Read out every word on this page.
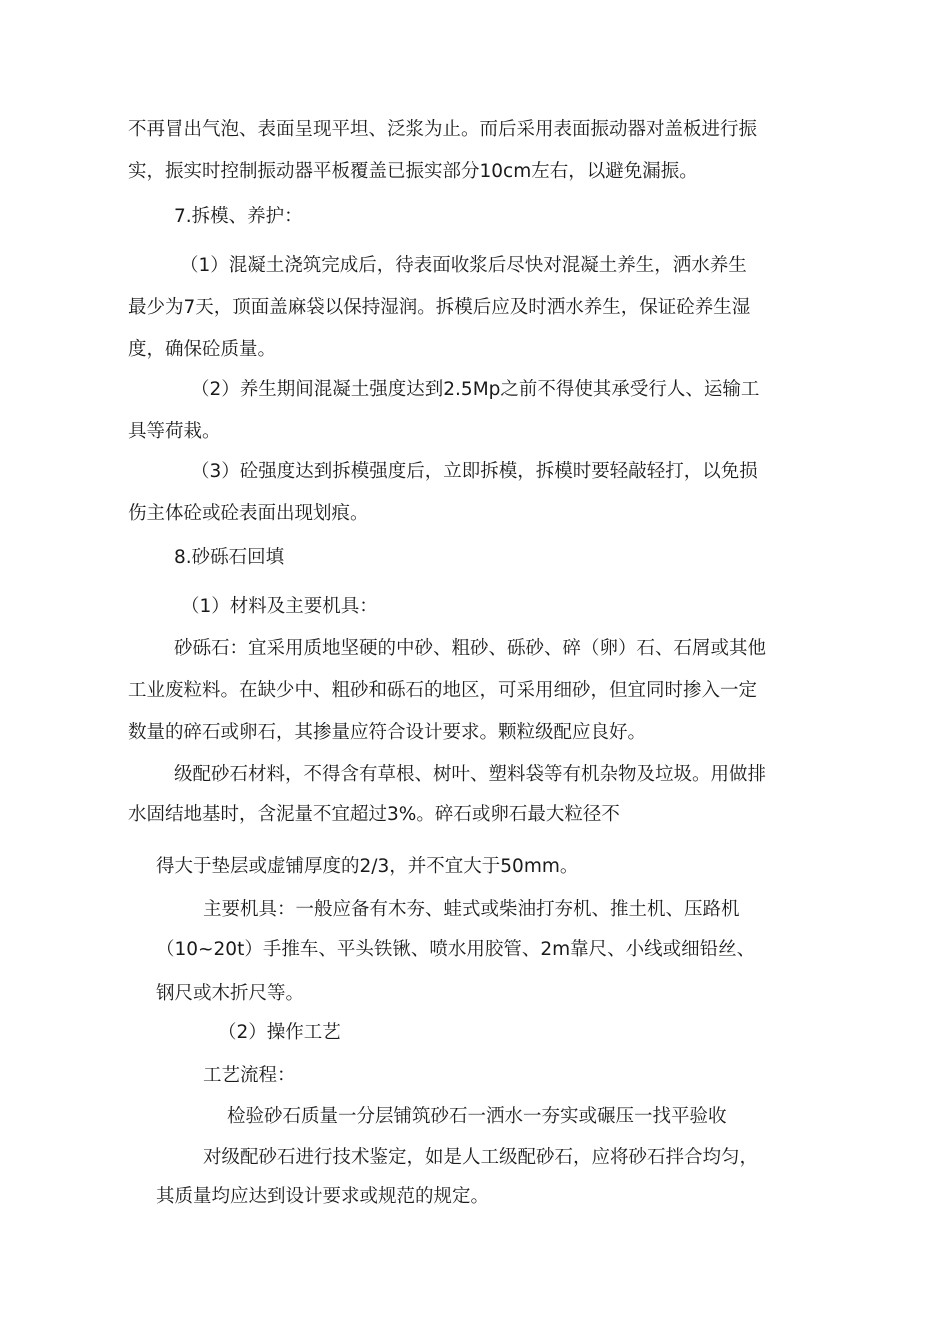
不再冒出气泡、表面呈现平坦、泛浆为止。而后采用表面振动器对盖板进行振
实，振实时控制振动器平板覆盖已振实部分10cm左右，以避免漏振。
7.拆模、养护：
（1）混凝土浇筑完成后，待表面收浆后尽快对混凝土养生，洒水养生
最少为7天，顶面盖麻袋以保持湿润。拆模后应及时洒水养生，保证砼养生湿
度，确保砼质量。
（2）养生期间混凝土强度达到2.5Mp之前不得使其承受行人、运输工
具等荷栽。
（3）砼强度达到拆模强度后，立即拆模，拆模时要轻敲轻打，以免损
伤主体砼或砼表面出现划痕。
8.砂砾石回填
（1）材料及主要机具：
砂砾石：宜采用质地坚硬的中砂、粗砂、砾砂、碎（卵）石、石屑或其他
工业废粒料。在缺少中、粗砂和砾石的地区，可采用细砂，但宜同时掺入一定
数量的碎石或卵石，其掺量应符合设计要求。颗粒级配应良好。
级配砂石材料，不得含有草根、树叶、塑料袋等有机杂物及垃圾。用做排
水固结地基时，含泥量不宜超过3%。碎石或卵石最大粒径不
得大于垫层或虚铺厚度的2/3，并不宜大于50mm。
主要机具：一般应备有木夯、蛙式或柴油打夯机、推土机、压路机
（10~20t）手推车、平头铁锹、喷水用胶管、2m靠尺、小线或细铅丝、
钢尺或木折尺等。
（2）操作工艺
工艺流程：
检验砂石质量一分层铺筑砂石一洒水一夯实或碾压一找平验收
对级配砂石进行技术鉴定，如是人工级配砂石，应将砂石拌合均匀，
其质量均应达到设计要求或规范的规定。
